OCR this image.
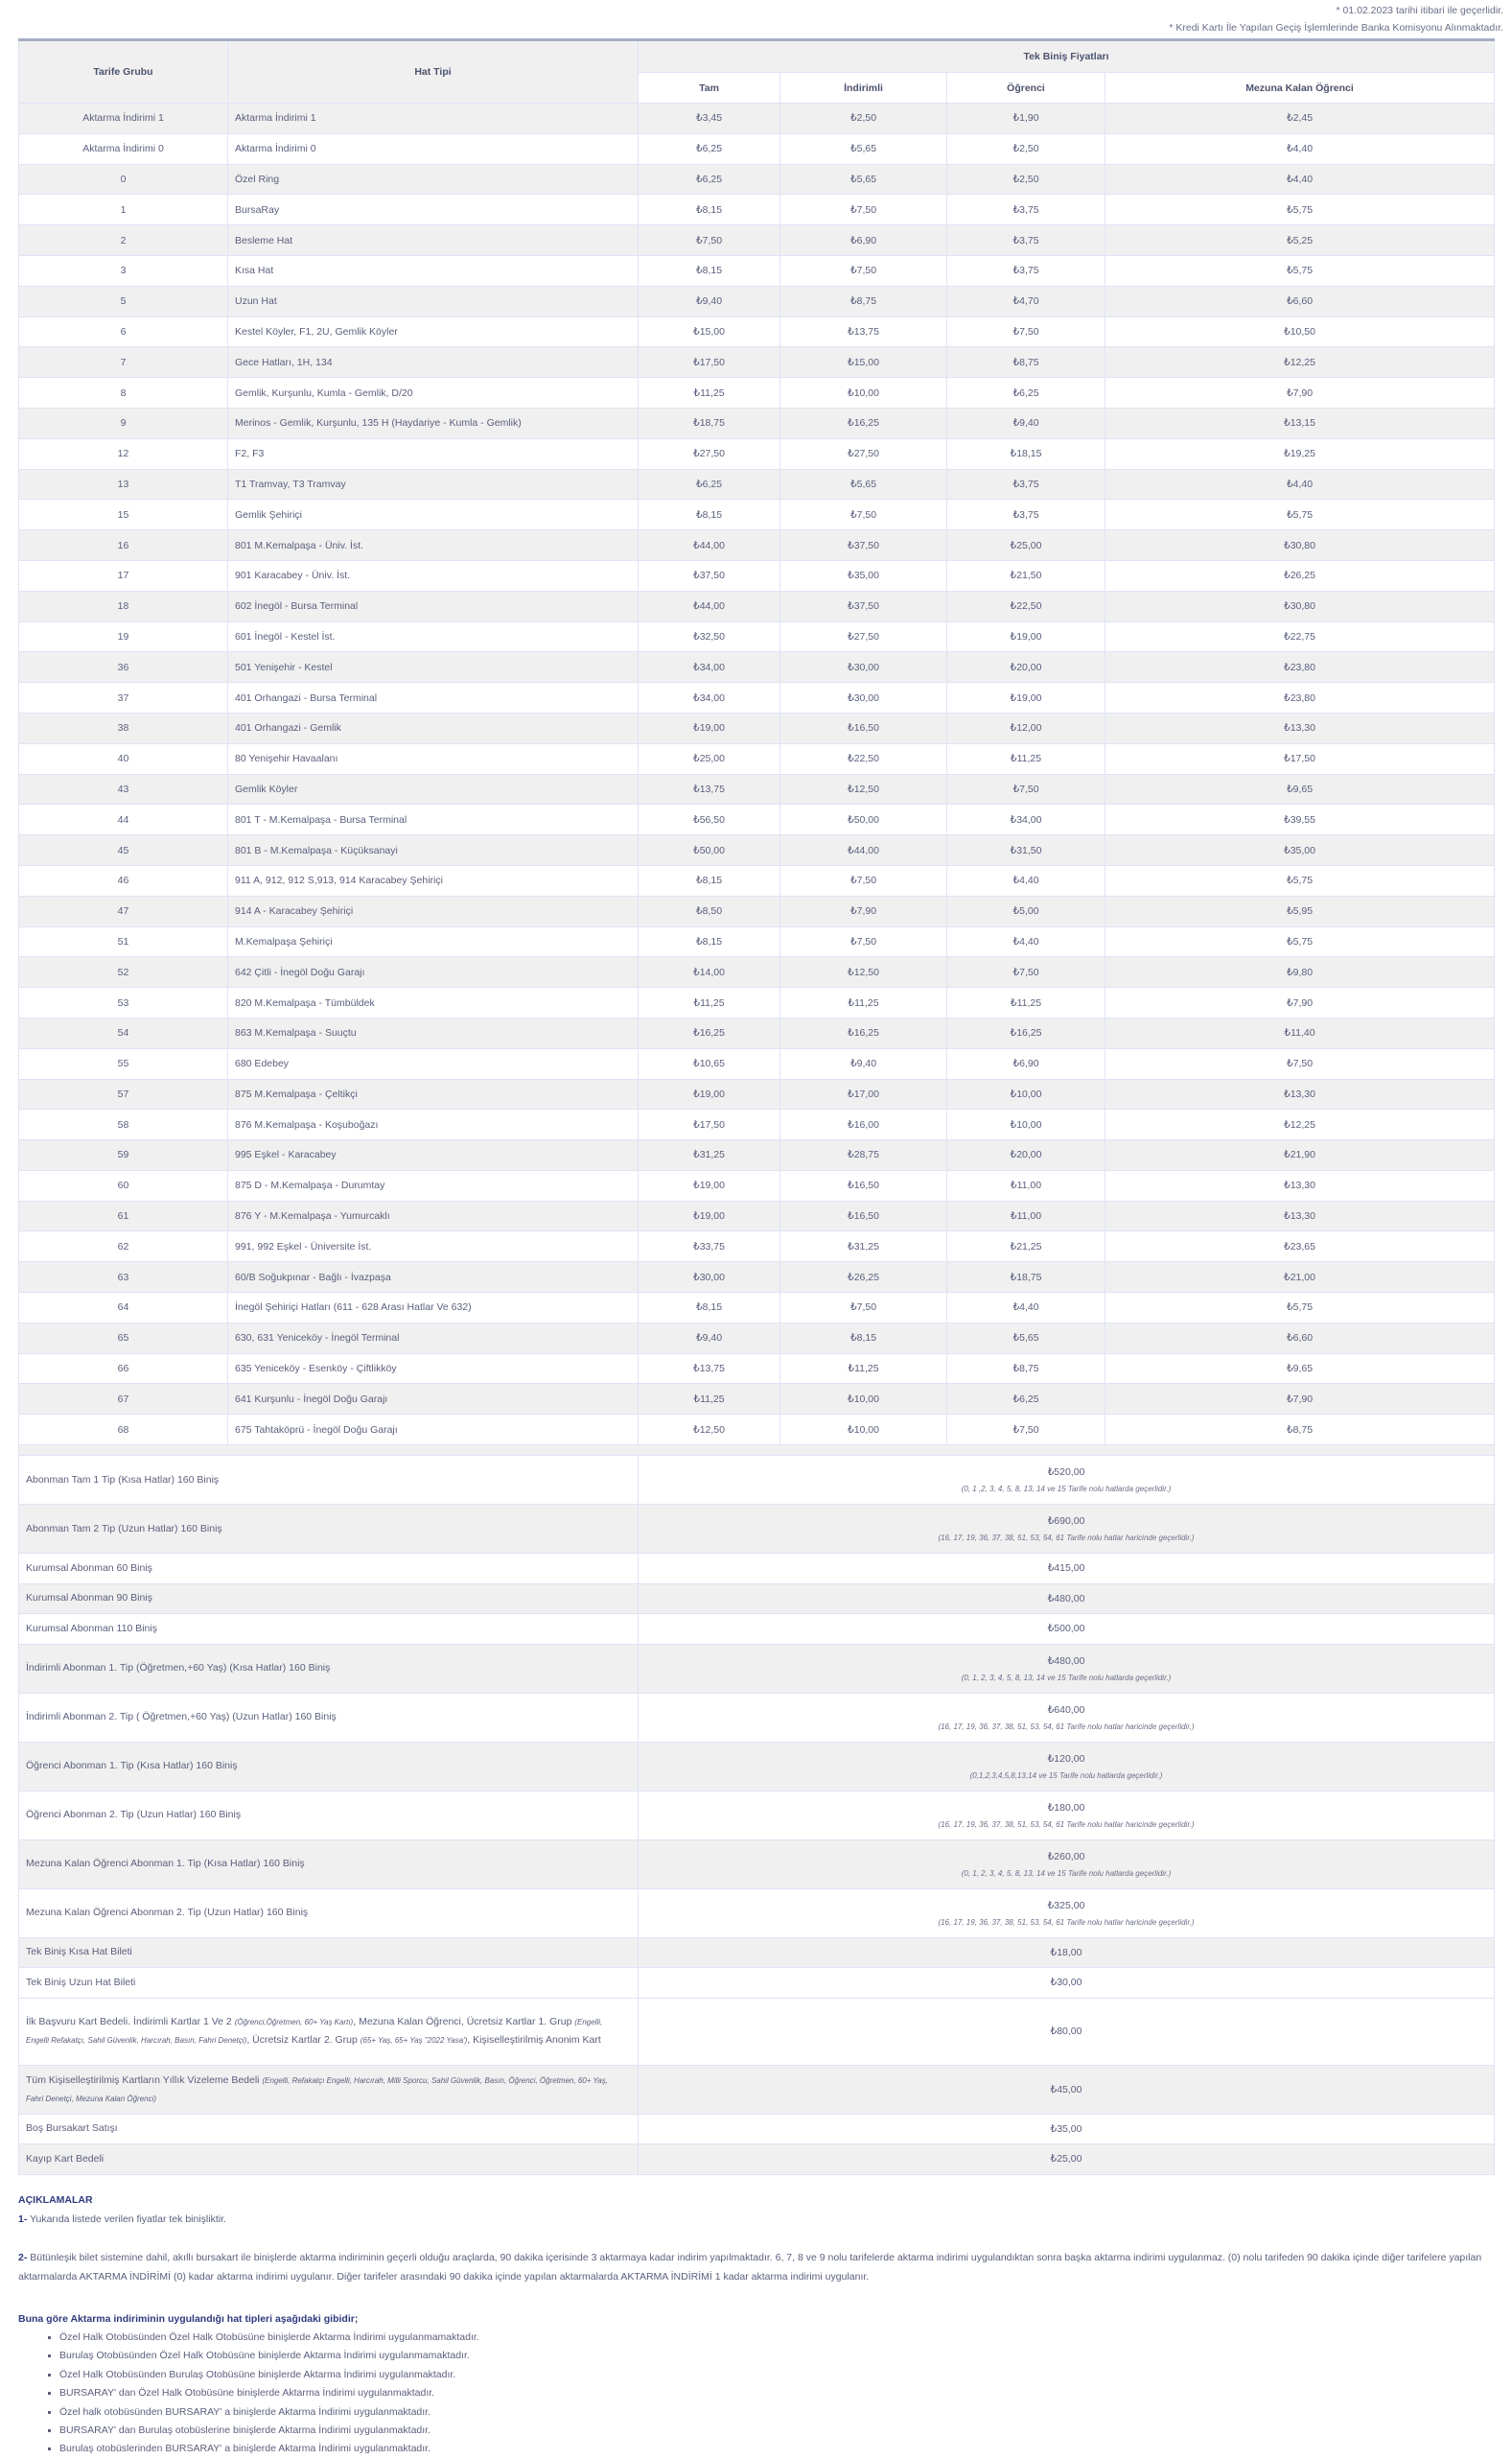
* 01.02.2023 tarihi itibari ile geçerlidir.
* Kredi Kartı İle Yapılan Geçiş İşlemlerinde Banka Komisyonu Alınmaktadır.
Tarife Grubu	Hat Tipi	Tek Biniş Fiyatları			
		Tam	İndirimli	Öğrenci	Mezuna Kalan Öğrenci
Aktarma İndirimi 1	Aktarma İndirimi 1	₺3,45	₺2,50	₺1,90	₺2,45
Aktarma İndirimi 0	Aktarma İndirimi 0	₺6,25	₺5,65	₺2,50	₺4,40
0	Özel Ring	₺6,25	₺5,65	₺2,50	₺4,40
1	BursaRay	₺8,15	₺7,50	₺3,75	₺5,75
2	Besleme Hat	₺7,50	₺6,90	₺3,75	₺5,25
3	Kısa Hat	₺8,15	₺7,50	₺3,75	₺5,75
5	Uzun Hat	₺9,40	₺8,75	₺4,70	₺6,60
6	Kestel Köyler, F1, 2U, Gemlik Köyler	₺15,00	₺13,75	₺7,50	₺10,50
7	Gece Hatları, 1H, 134	₺17,50	₺15,00	₺8,75	₺12,25
8	Gemlik, Kurşunlu, Kumla - Gemlik, D/20	₺11,25	₺10,00	₺6,25	₺7,90
9	Merinos - Gemlik, Kurşunlu, 135 H (Haydariye - Kumla - Gemlik)	₺18,75	₺16,25	₺9,40	₺13,15
12	F2, F3	₺27,50	₺27,50	₺18,15	₺19,25
13	T1 Tramvay, T3 Tramvay	₺6,25	₺5,65	₺3,75	₺4,40
15	Gemlik Şehiriçi	₺8,15	₺7,50	₺3,75	₺5,75
16	801 M.Kemalpaşa - Üniv. İst.	₺44,00	₺37,50	₺25,00	₺30,80
17	901 Karacabey - Üniv. İst.	₺37,50	₺35,00	₺21,50	₺26,25
18	602 İnegöl - Bursa Terminal	₺44,00	₺37,50	₺22,50	₺30,80
19	601 İnegöl - Kestel İst.	₺32,50	₺27,50	₺19,00	₺22,75
36	501 Yenişehir - Kestel	₺34,00	₺30,00	₺20,00	₺23,80
37	401 Orhangazi - Bursa Terminal	₺34,00	₺30,00	₺19,00	₺23,80
38	401 Orhangazi - Gemlik	₺19,00	₺16,50	₺12,00	₺13,30
40	80 Yenişehir Havaalanı	₺25,00	₺22,50	₺11,25	₺17,50
43	Gemlik Köyler	₺13,75	₺12,50	₺7,50	₺9,65
44	801 T - M.Kemalpaşa - Bursa Terminal	₺56,50	₺50,00	₺34,00	₺39,55
45	801 B - M.Kemalpaşa - Küçüksanayi	₺50,00	₺44,00	₺31,50	₺35,00
46	911 A, 912, 912 S,913, 914 Karacabey Şehiriçi	₺8,15	₺7,50	₺4,40	₺5,75
47	914 A - Karacabey Şehiriçi	₺8,50	₺7,90	₺5,00	₺5,95
51	M.Kemalpaşa Şehiriçi	₺8,15	₺7,50	₺4,40	₺5,75
52	642 Çitli - İnegöl Doğu Garajı	₺14,00	₺12,50	₺7,50	₺9,80
53	820 M.Kemalpaşa - Tümbüldek	₺11,25	₺11,25	₺11,25	₺7,90
54	863 M.Kemalpaşa - Suuçtu	₺16,25	₺16,25	₺16,25	₺11,40
55	680 Edebey	₺10,65	₺9,40	₺6,90	₺7,50
57	875 M.Kemalpaşa - Çeltikçi	₺19,00	₺17,00	₺10,00	₺13,30
58	876 M.Kemalpaşa - Koşuboğazı	₺17,50	₺16,00	₺10,00	₺12,25
59	995 Eşkel - Karacabey	₺31,25	₺28,75	₺20,00	₺21,90
60	875 D - M.Kemalpaşa - Durumtay	₺19,00	₺16,50	₺11,00	₺13,30
61	876 Y - M.Kemalpaşa - Yumurcaklı	₺19,00	₺16,50	₺11,00	₺13,30
62	991, 992 Eşkel - Üniversite İst.	₺33,75	₺31,25	₺21,25	₺23,65
63	60/B Soğukpınar - Bağlı - İvazpaşa	₺30,00	₺26,25	₺18,75	₺21,00
64	İnegöl Şehiriçi Hatları (611 - 628 Arası Hatlar Ve 632)	₺8,15	₺7,50	₺4,40	₺5,75
65	630, 631 Yeniceköy - İnegöl Terminal	₺9,40	₺8,15	₺5,65	₺6,60
66	635 Yeniceköy - Esenköy - Çiftlikköy	₺13,75	₺11,25	₺8,75	₺9,65
67	641 Kurşunlu - İnegöl Doğu Garajı	₺11,25	₺10,00	₺6,25	₺7,90
68	675 Tahtaköprü - İnegöl Doğu Garajı	₺12,50	₺10,00	₺7,50	₺8,75

Abonman Tam 1 Tip (Kısa Hatlar) 160 Biniş		₺520,00
(0, 1 ,2, 3, 4, 5, 8, 13, 14 ve 15 Tarife nolu hatlarda geçerlidir.)			

Abonman Tam 2 Tip (Uzun Hatlar) 160 Biniş		₺690,00
(16, 17, 19, 36, 37, 38, 51, 53, 54, 61 Tarife nolu hatlar haricinde geçerlidir.)			

Kurumsal Abonman 60 Biniş		₺415,00			

Kurumsal Abonman 90 Biniş		₺480,00			

Kurumsal Abonman 110 Biniş		₺500,00			

İndirimli Abonman 1. Tip (Öğretmen,+60 Yaş) (Kısa Hatlar) 160 Biniş		₺480,00
(0, 1, 2, 3, 4, 5, 8, 13, 14 ve 15 Tarife nolu hatlarda geçerlidir.)			

İndirimli Abonman 2. Tip ( Öğretmen,+60 Yaş) (Uzun Hatlar) 160 Biniş		₺640,00
(16, 17, 19, 36, 37, 38, 51, 53, 54, 61 Tarife nolu hatlar haricinde geçerlidir.)			

Öğrenci Abonman 1. Tip (Kısa Hatlar) 160 Biniş		₺120,00
(0,1,2,3,4,5,8,13,14 ve 15 Tarife nolu hatlarda geçerlidir.)			

Öğrenci Abonman 2. Tip (Uzun Hatlar) 160 Biniş		₺180,00
(16, 17, 19, 36, 37, 38, 51, 53, 54, 61 Tarife nolu hatlar haricinde geçerlidir.)			

Mezuna Kalan Öğrenci Abonman 1. Tip (Kısa Hatlar) 160 Biniş		₺260,00
(0, 1, 2, 3, 4, 5, 8, 13, 14 ve 15 Tarife nolu hatlarda geçerlidir.)			

Mezuna Kalan Öğrenci Abonman 2. Tip (Uzun Hatlar) 160 Biniş		₺325,00
(16, 17, 19, 36, 37, 38, 51, 53, 54, 61 Tarife nolu hatlar haricinde geçerlidir.)			

Tek Biniş Kısa Hat Bileti		₺18,00			

Tek Biniş Uzun Hat Bileti		₺30,00			

İlk Başvuru Kart Bedeli. İndirimli Kartlar 1 Ve 2 (Öğrenci,Öğretmen, 60+ Yaş Kartı), Mezuna Kalan Öğrenci, Ücretsiz Kartlar 1. Grup (Engelli, Engelli Refakatçı, Sahil Güvenlik, Harcırah, Basın, Fahri Denetçi), Ücretsiz Kartlar 2. Grup (65+ Yaş, 65+ Yaş "2022 Yasa'), Kişiselleştirilmiş Anonim Kart		₺80,00			
Tüm Kişiselleştirilmiş Kartların Yıllık Vizeleme Bedeli (Engelli, Refakatçı Engelli, Harcırah, Milli Sporcu, Sahil Güvenlik, Basın, Öğrenci, Öğretmen, 60+ Yaş, Fahri Denetçi, Mezuna Kalan Öğrenci)		₺45,00			
Boş Bursakart Satışı		₺35,00			
Kayıp Kart Bedeli		₺25,00			

AÇIKLAMALAR

1- Yukarıda listede verilen fiyatlar tek binişliktir.

2- Bütünleşik bilet sistemine dahil, akıllı bursakart ile binişlerde aktarma indiriminin geçerli olduğu araçlarda, 90 dakika içerisinde 3 aktarmaya kadar indirim yapılmaktadır. 6, 7, 8 ve 9 nolu tarifelerde aktarma indirimi uygulandıktan sonra başka aktarma indirimi uygulanmaz. (0) nolu tarifeden 90 dakika içinde diğer tarifelere yapılan aktarmalarda AKTARMA İNDİRİMİ (0) kadar aktarma indirimi uygulanır. Diğer tarifeler arasındaki 90 dakika içinde yapılan aktarmalarda AKTARMA İNDİRİMİ 1 kadar aktarma indirimi uygulanır.

Buna göre Aktarma indiriminin uygulandığı hat tipleri aşağıdaki gibidir;

Özel Halk Otobüsünden Özel Halk Otobüsüne binişlerde Aktarma İndirimi uygulanmamaktadır.
Burulaş Otobüsünden Özel Halk Otobüsüne binişlerde Aktarma İndirimi uygulanmamaktadır.
Özel Halk Otobüsünden Burulaş Otobüsüne binişlerde Aktarma İndirimi uygulanmaktadır.
BURSARAY' dan Özel Halk Otobüsüne binişlerde Aktarma İndirimi uygulanmaktadır.
Özel halk otobüsünden BURSARAY' a binişlerde Aktarma İndirimi uygulanmaktadır.
BURSARAY' dan Burulaş otobüslerine binişlerde Aktarma İndirimi uygulanmaktadır.
Burulaş otobüslerinden BURSARAY' a binişlerde Aktarma İndirimi uygulanmaktadır.
